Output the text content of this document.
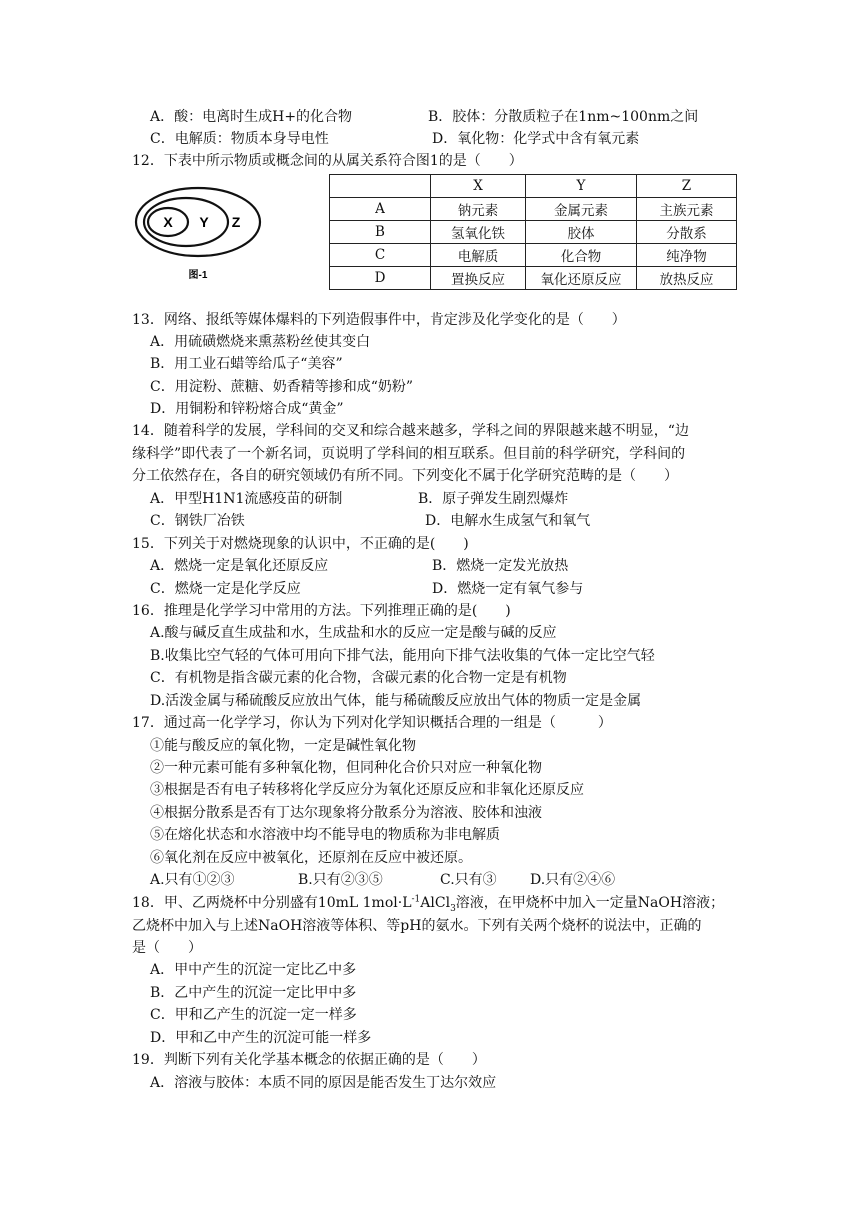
A．酸：电离时生成H+的化合物	B．胶体：分散质粒子在1nm~100nm之间
C．电解质：物质本身导电性	D．氧化物：化学式中含有氧元素
12．下表中所示物质或概念间的从属关系符合图1的是（　　）
X Y Z
图-1
	X	Y	Z
A	钠元素	金属元素	主族元素
B	氢氧化铁	胶体	分散系
C	电解质	化合物	纯净物
D	置换反应	氧化还原反应	放热反应
13．网络、报纸等媒体爆料的下列造假事件中，肯定涉及化学变化的是（　　）
A．用硫磺燃烧来熏蒸粉丝使其变白
B．用工业石蜡等给瓜子“美容”
C．用淀粉、蔗糖、奶香精等掺和成“奶粉”
D．用铜粉和锌粉熔合成“黄金”
14．随着科学的发展，学科间的交叉和综合越来越多，学科之间的界限越来越不明显，“边
缘科学”即代表了一个新名词，页说明了学科间的相互联系。但目前的科学研究，学科间的
分工依然存在，各自的研究领域仍有所不同。下列变化不属于化学研究范畴的是（　　）
A．甲型H1N1流感疫苗的研制	B．原子弹发生剧烈爆炸
C．钢铁厂冶铁	D．电解水生成氢气和氧气
15．下列关于对燃烧现象的认识中，不正确的是(　　)
A．燃烧一定是氧化还原反应	B．燃烧一定发光放热
C．燃烧一定是化学反应	D．燃烧一定有氧气参与
16．推理是化学学习中常用的方法。下列推理正确的是(　　)
A.酸与碱反直生成盐和水，生成盐和水的反应一定是酸与碱的反应
B.收集比空气轻的气体可用向下排气法，能用向下排气法收集的气体一定比空气轻
C．有机物是指含碳元素的化合物，含碳元素的化合物一定是有机物
D.活泼金属与稀硫酸反应放出气体，能与稀硫酸反应放出气体的物质一定是金属
17．通过高一化学学习，你认为下列对化学知识概括合理的一组是（　　　）
①能与酸反应的氧化物，一定是碱性氧化物
②一种元素可能有多种氧化物，但同种化合价只对应一种氧化物
③根据是否有电子转移将化学反应分为氧化还原反应和非氧化还原反应
④根据分散系是否有丁达尔现象将分散系分为溶液、胶体和浊液
⑤在熔化状态和水溶液中均不能导电的物质称为非电解质
⑥氧化剂在反应中被氧化，还原剂在反应中被还原。
A.只有①②③	B.只有②③⑤	C.只有③ D.只有②④⑥
18．甲、乙两烧杯中分别盛有10mL $1mol\cdot L^{-1}AlCl_3$溶液，在甲烧杯中加入一定量NaOH溶液；
乙烧杯中加入与上述NaOH溶液等体积、等pH的氨水。下列有关两个烧杯的说法中，正确的
是（　　）
A．甲中产生的沉淀一定比乙中多
B．乙中产生的沉淀一定比甲中多
C．甲和乙产生的沉淀一定一样多
D．甲和乙中产生的沉淀可能一样多
19．判断下列有关化学基本概念的依据正确的是（　　）
A．溶液与胶体：本质不同的原因是能否发生丁达尔效应
